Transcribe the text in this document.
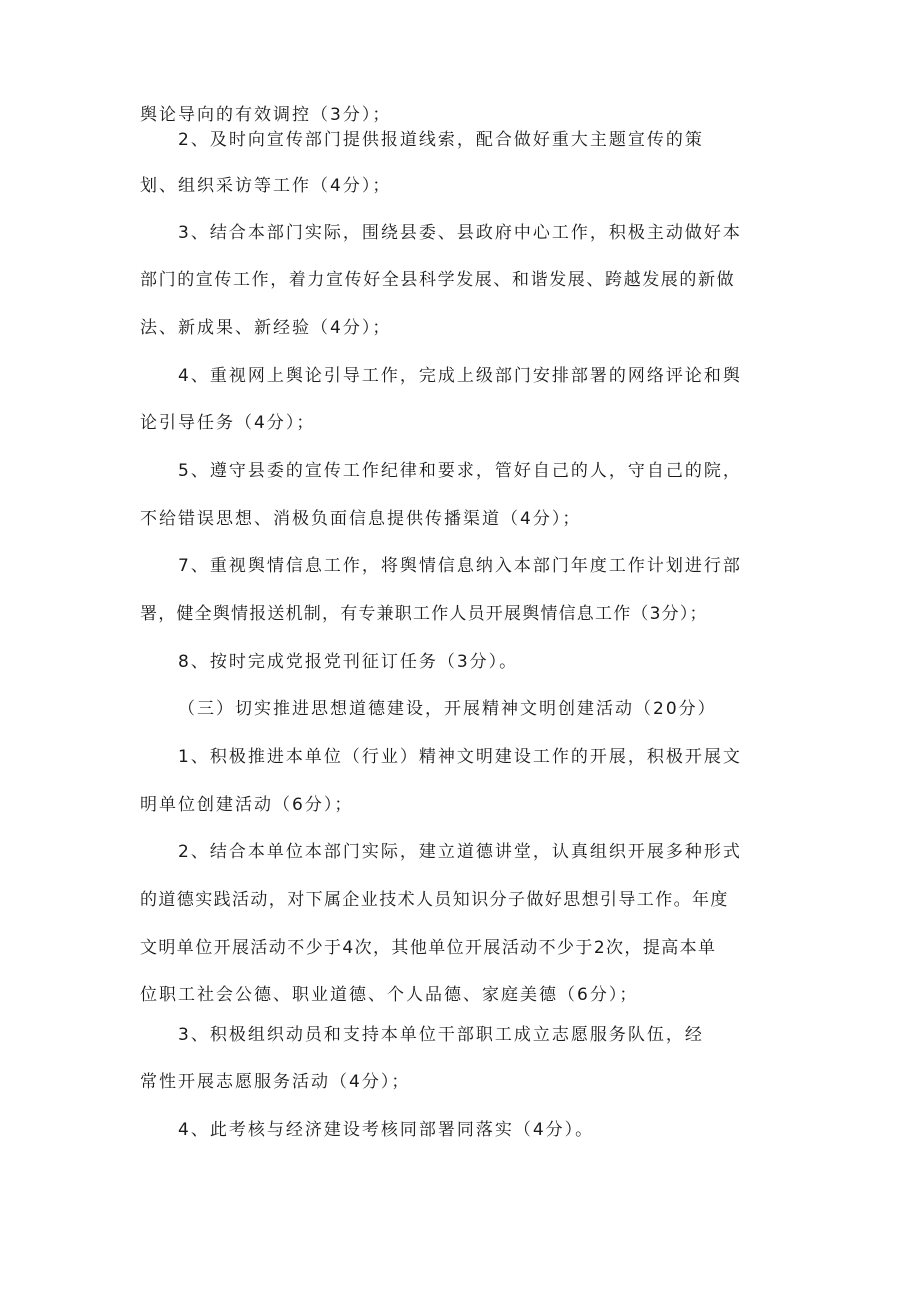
舆论导向的有效调控（3分）；
2、及时向宣传部门提供报道线索，配合做好重大主题宣传的策
划、组织采访等工作（4分）；
3、结合本部门实际，围绕县委、县政府中心工作，积极主动做好本
部门的宣传工作，着力宣传好全县科学发展、和谐发展、跨越发展的新做
法、新成果、新经验（4分）；
4、重视网上舆论引导工作，完成上级部门安排部署的网络评论和舆
论引导任务（4分）；
5、遵守县委的宣传工作纪律和要求，管好自己的人，守自己的院，
不给错误思想、消极负面信息提供传播渠道（4分）；
7、重视舆情信息工作，将舆情信息纳入本部门年度工作计划进行部
署，健全舆情报送机制，有专兼职工作人员开展舆情信息工作（3分）；
8、按时完成党报党刊征订任务（3分）。
（三）切实推进思想道德建设，开展精神文明创建活动（20分）
1、积极推进本单位（行业）精神文明建设工作的开展，积极开展文
明单位创建活动（6分）；
2、结合本单位本部门实际，建立道德讲堂，认真组织开展多种形式
的道德实践活动，对下属企业技术人员知识分子做好思想引导工作。年度
文明单位开展活动不少于4次，其他单位开展活动不少于2次，提高本单
位职工社会公德、职业道德、个人品德、家庭美德（6分）；
3、积极组织动员和支持本单位干部职工成立志愿服务队伍，经
常性开展志愿服务活动（4分）；
4、此考核与经济建设考核同部署同落实（4分）。
